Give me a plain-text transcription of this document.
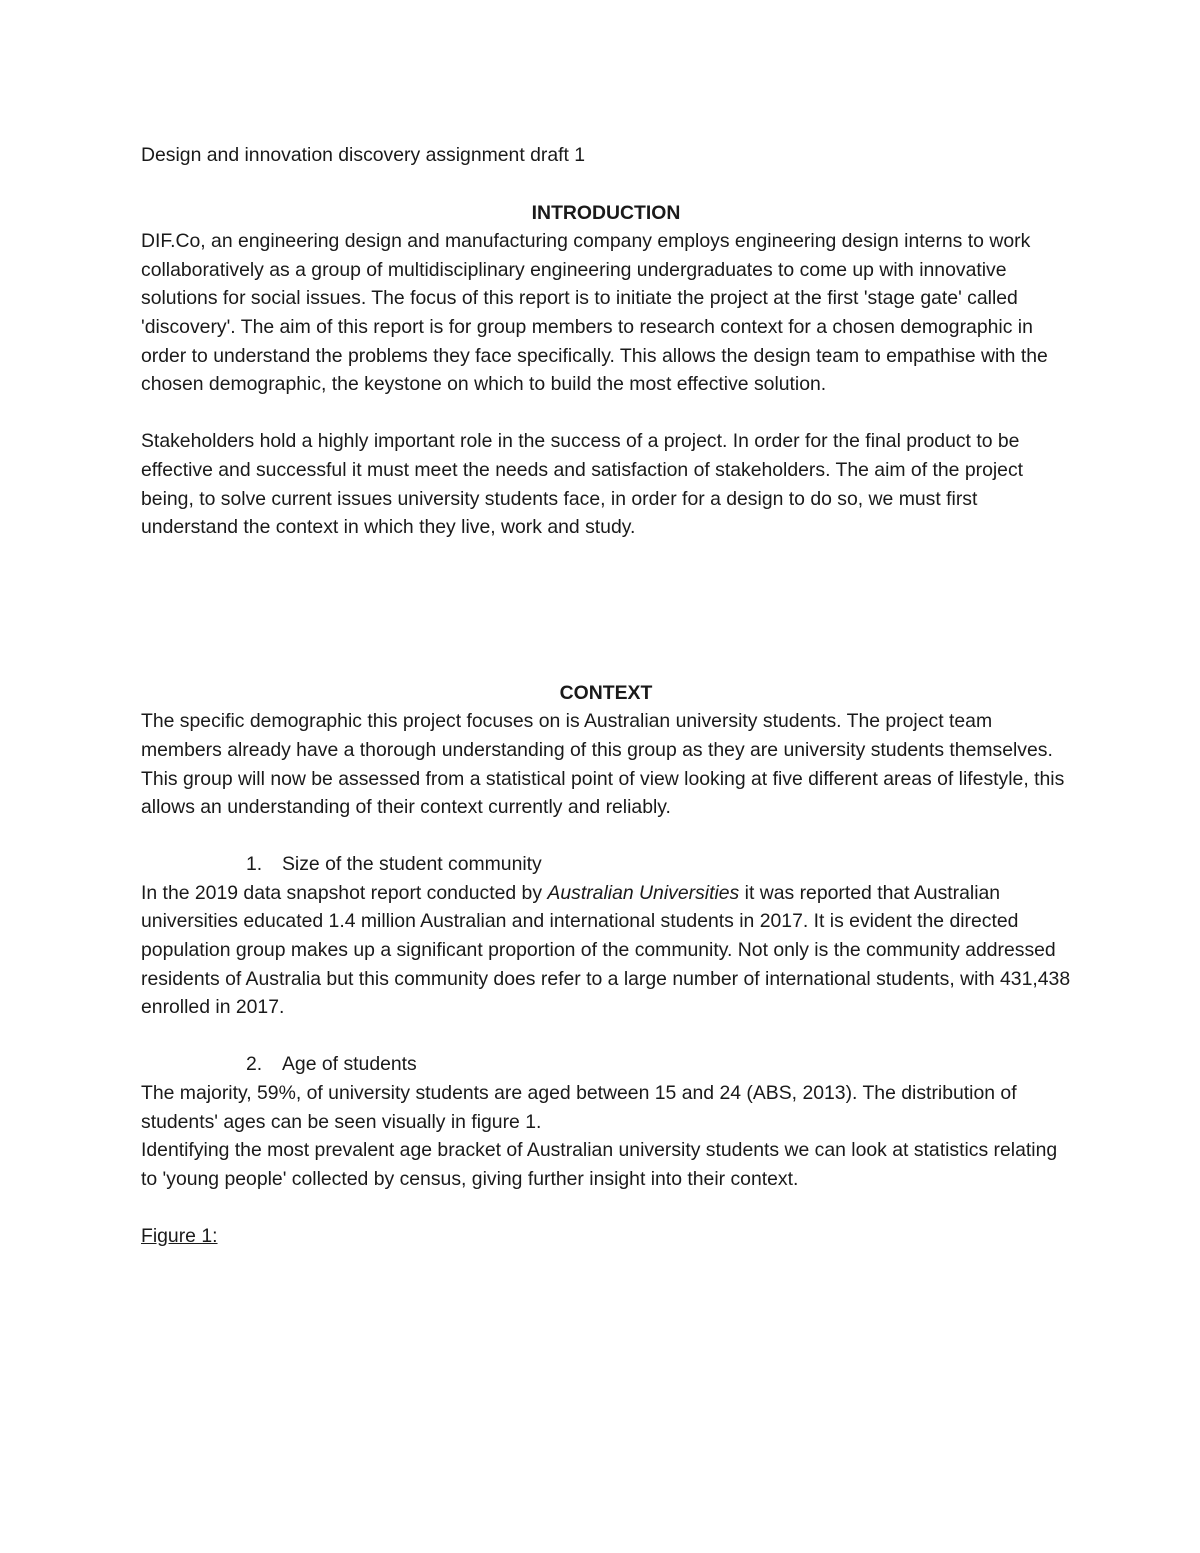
Design and innovation discovery assignment draft 1

INTRODUCTION

DIF.Co, an engineering design and manufacturing company employs engineering design interns to work collaboratively as a group of multidisciplinary engineering undergraduates to come up with innovative solutions for social issues. The focus of this report is to initiate the project at the first 'stage gate' called 'discovery'. The aim of this report is for group members to research context for a chosen demographic in order to understand the problems they face specifically. This allows the design team to empathise with the chosen demographic, the keystone on which to build the most effective solution.

Stakeholders hold a highly important role in the success of a project. In order for the final product to be effective and successful it must meet the needs and satisfaction of stakeholders. The aim of the project being, to solve current issues university students face, in order for a design to do so, we must first understand the context in which they live, work and study.

CONTEXT

The specific demographic this project focuses on is Australian university students. The project team members already have a thorough understanding of this group as they are university students themselves.

This group will now be assessed from a statistical point of view looking at five different areas of lifestyle, this allows an understanding of their context currently and reliably.

1. Size of the student community

In the 2019 data snapshot report conducted by Australian Universities it was reported that Australian universities educated 1.4 million Australian and international students in 2017. It is evident the directed population group makes up a significant proportion of the community. Not only is the community addressed residents of Australia but this community does refer to a large number of international students, with 431,438 enrolled in 2017.

2. Age of students

The majority, 59%, of university students are aged between 15 and 24 (ABS, 2013). The distribution of students' ages can be seen visually in figure 1.

Identifying the most prevalent age bracket of Australian university students we can look at statistics relating to 'young people' collected by census, giving further insight into their context.

Figure 1:
